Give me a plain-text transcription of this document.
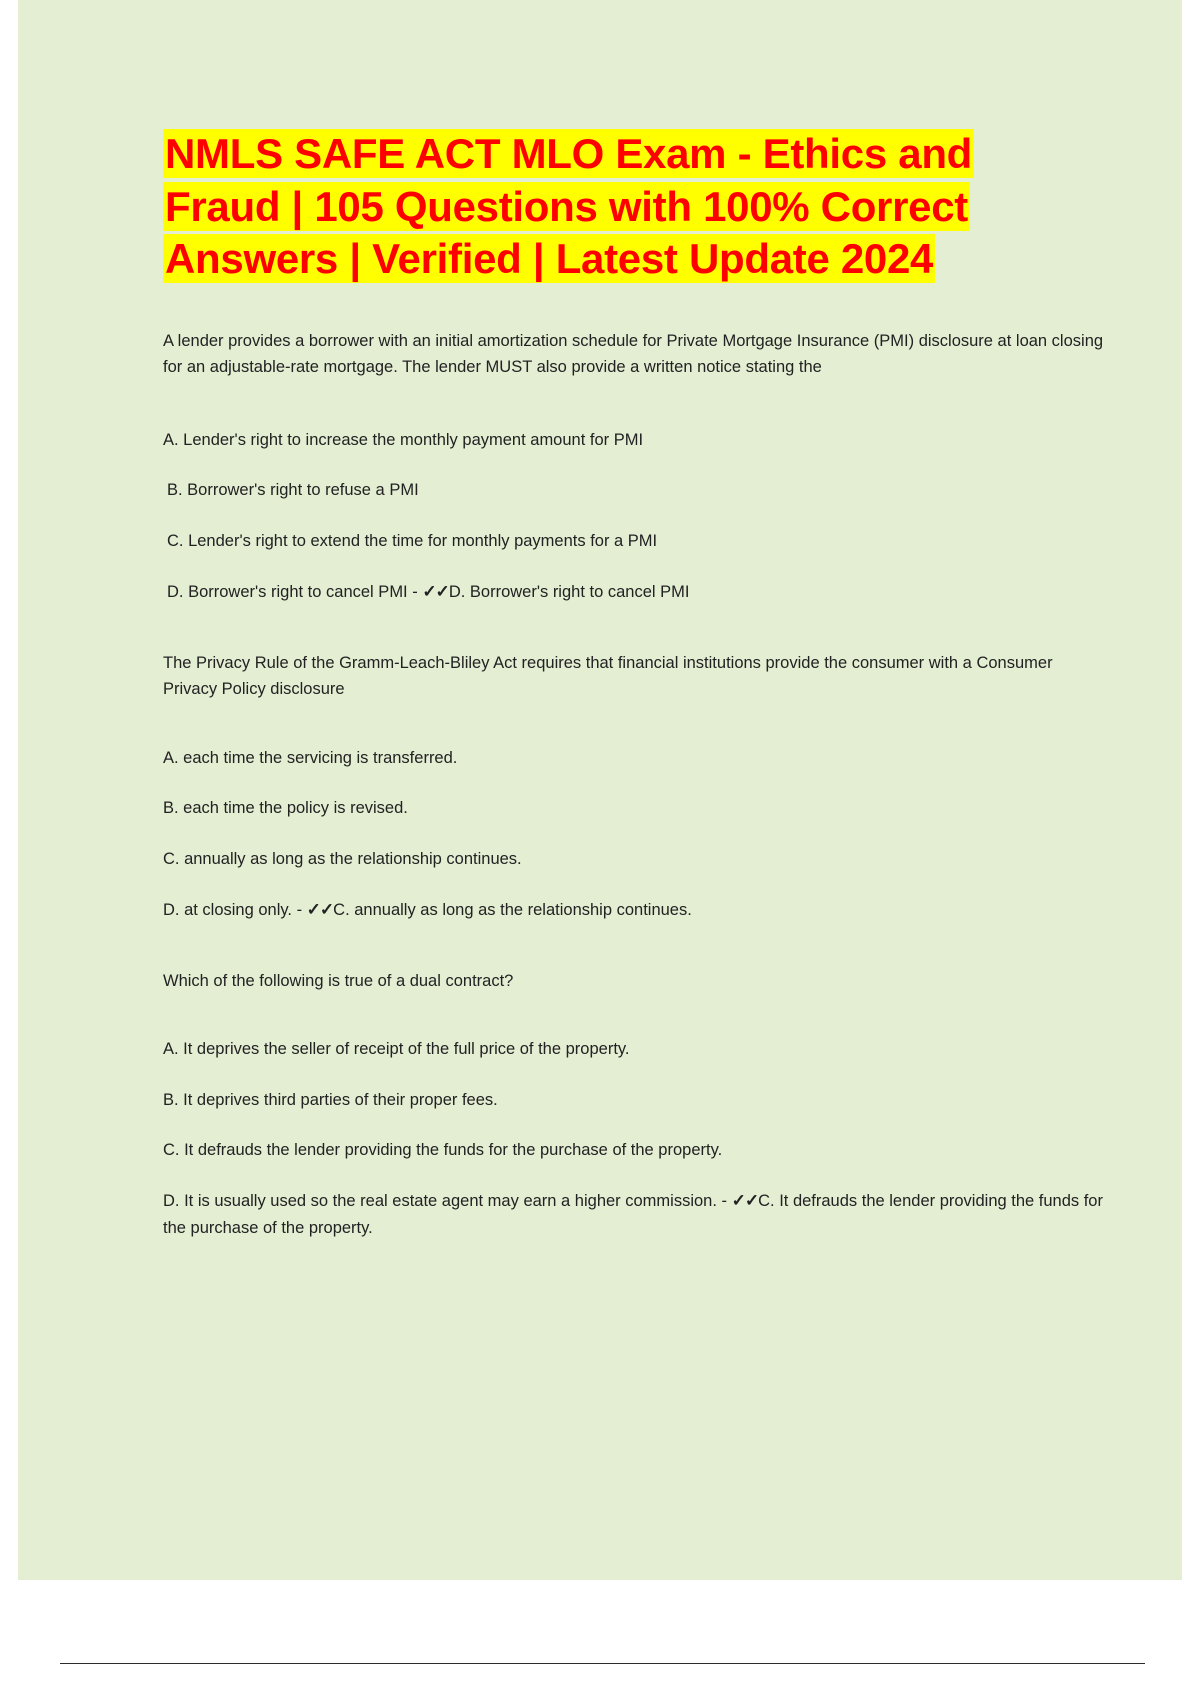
NMLS SAFE ACT MLO Exam - Ethics and
Fraud | 105 Questions with 100% Correct
Answers | Verified | Latest Update 2024

A lender provides a borrower with an initial amortization schedule for Private Mortgage Insurance (PMI) disclosure at loan closing for an adjustable-rate mortgage. The lender MUST also provide a written notice stating the

A. Lender's right to increase the monthly payment amount for PMI

B. Borrower's right to refuse a PMI

C. Lender's right to extend the time for monthly payments for a PMI

D. Borrower's right to cancel PMI - ✓✓D. Borrower's right to cancel PMI

The Privacy Rule of the Gramm-Leach-Bliley Act requires that financial institutions provide the consumer with a Consumer Privacy Policy disclosure

A. each time the servicing is transferred.

B. each time the policy is revised.

C. annually as long as the relationship continues.

D. at closing only. - ✓✓C. annually as long as the relationship continues.

Which of the following is true of a dual contract?

A. It deprives the seller of receipt of the full price of the property.

B. It deprives third parties of their proper fees.

C. It defrauds the lender providing the funds for the purchase of the property.

D. It is usually used so the real estate agent may earn a higher commission. - ✓✓C. It defrauds the lender providing the funds for the purchase of the property.
